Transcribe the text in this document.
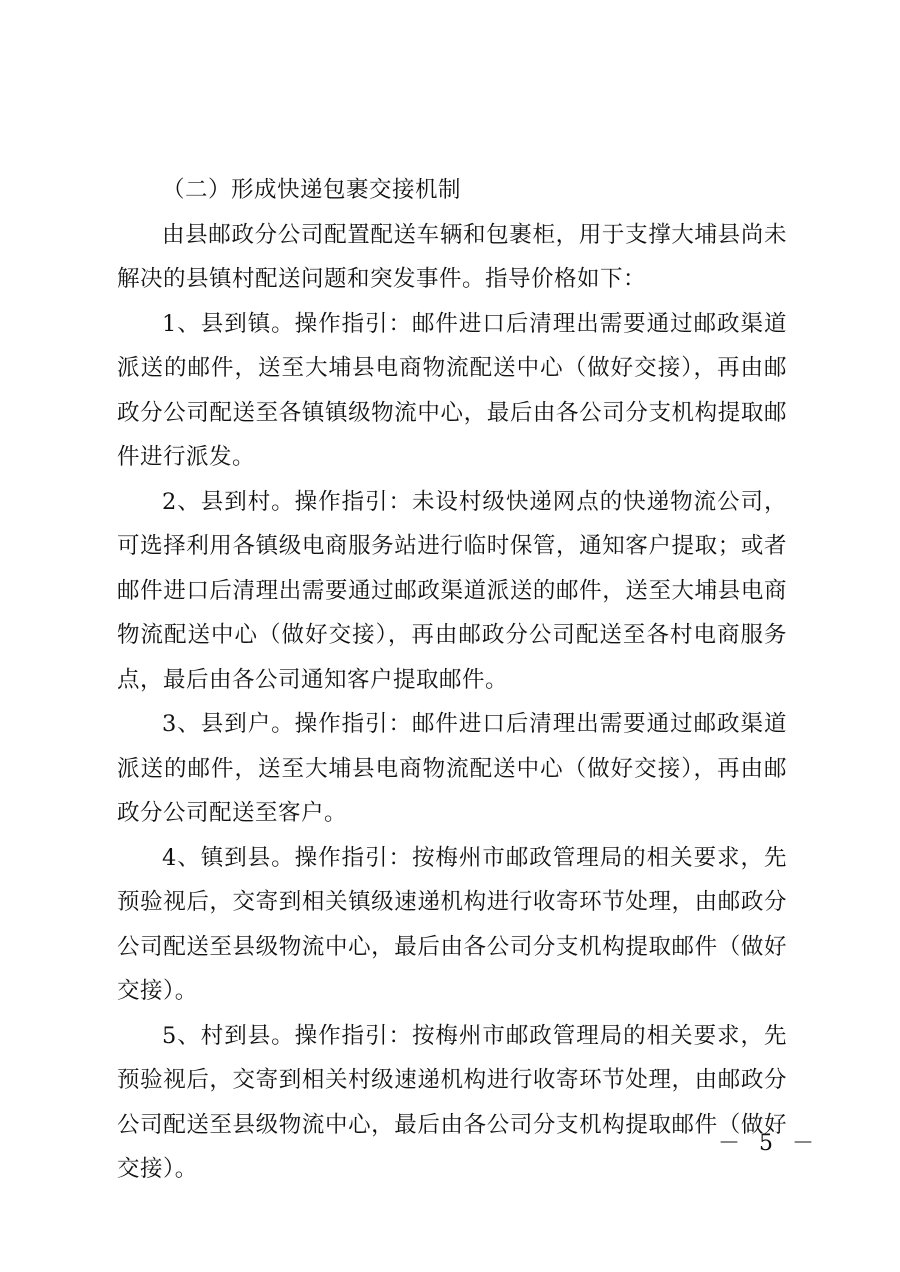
（二）形成快递包裹交接机制

由县邮政分公司配置配送车辆和包裹柜，用于支撑大埔县尚未解决的县镇村配送问题和突发事件。指导价格如下：

1、县到镇。操作指引：邮件进口后清理出需要通过邮政渠道派送的邮件，送至大埔县电商物流配送中心（做好交接），再由邮政分公司配送至各镇镇级物流中心，最后由各公司分支机构提取邮件进行派发。

2、县到村。操作指引：未设村级快递网点的快递物流公司，可选择利用各镇级电商服务站进行临时保管，通知客户提取；或者邮件进口后清理出需要通过邮政渠道派送的邮件，送至大埔县电商物流配送中心（做好交接），再由邮政分公司配送至各村电商服务点，最后由各公司通知客户提取邮件。

3、县到户。操作指引：邮件进口后清理出需要通过邮政渠道派送的邮件，送至大埔县电商物流配送中心（做好交接），再由邮政分公司配送至客户。

4、镇到县。操作指引：按梅州市邮政管理局的相关要求，先预验视后，交寄到相关镇级速递机构进行收寄环节处理，由邮政分公司配送至县级物流中心，最后由各公司分支机构提取邮件（做好交接）。

5、村到县。操作指引：按梅州市邮政管理局的相关要求，先预验视后，交寄到相关村级速递机构进行收寄环节处理，由邮政分公司配送至县级物流中心，最后由各公司分支机构提取邮件（做好交接）。

－ 5 －
